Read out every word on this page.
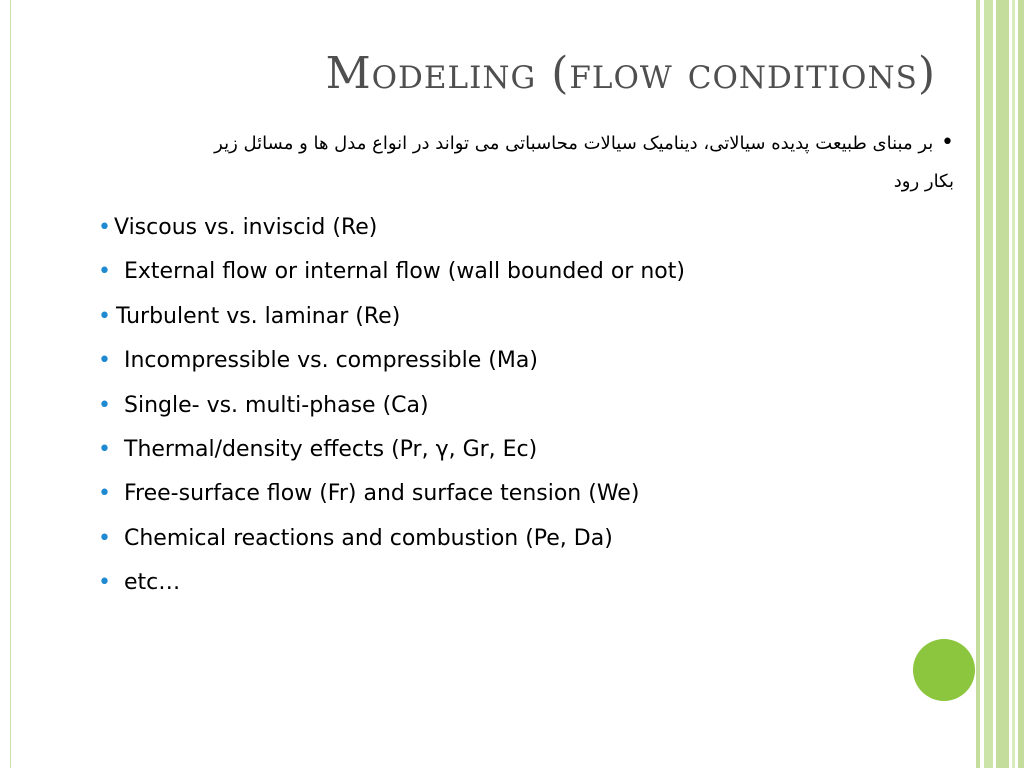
Modeling (flow conditions)
• بر مبنای طبیعت پدیده سیالاتی، دینامیک سیالات محاسباتی می تواند در انواع مدل ها و مسائل زیر بکار رود
• Viscous vs. inviscid (Re)
• External flow or internal flow (wall bounded or not)
• Turbulent vs. laminar (Re)
• Incompressible vs. compressible (Ma)
• Single- vs. multi-phase (Ca)
• Thermal/density effects (Pr, γ, Gr, Ec)
• Free-surface flow (Fr) and surface tension (We)
• Chemical reactions and combustion (Pe, Da)
• etc…
